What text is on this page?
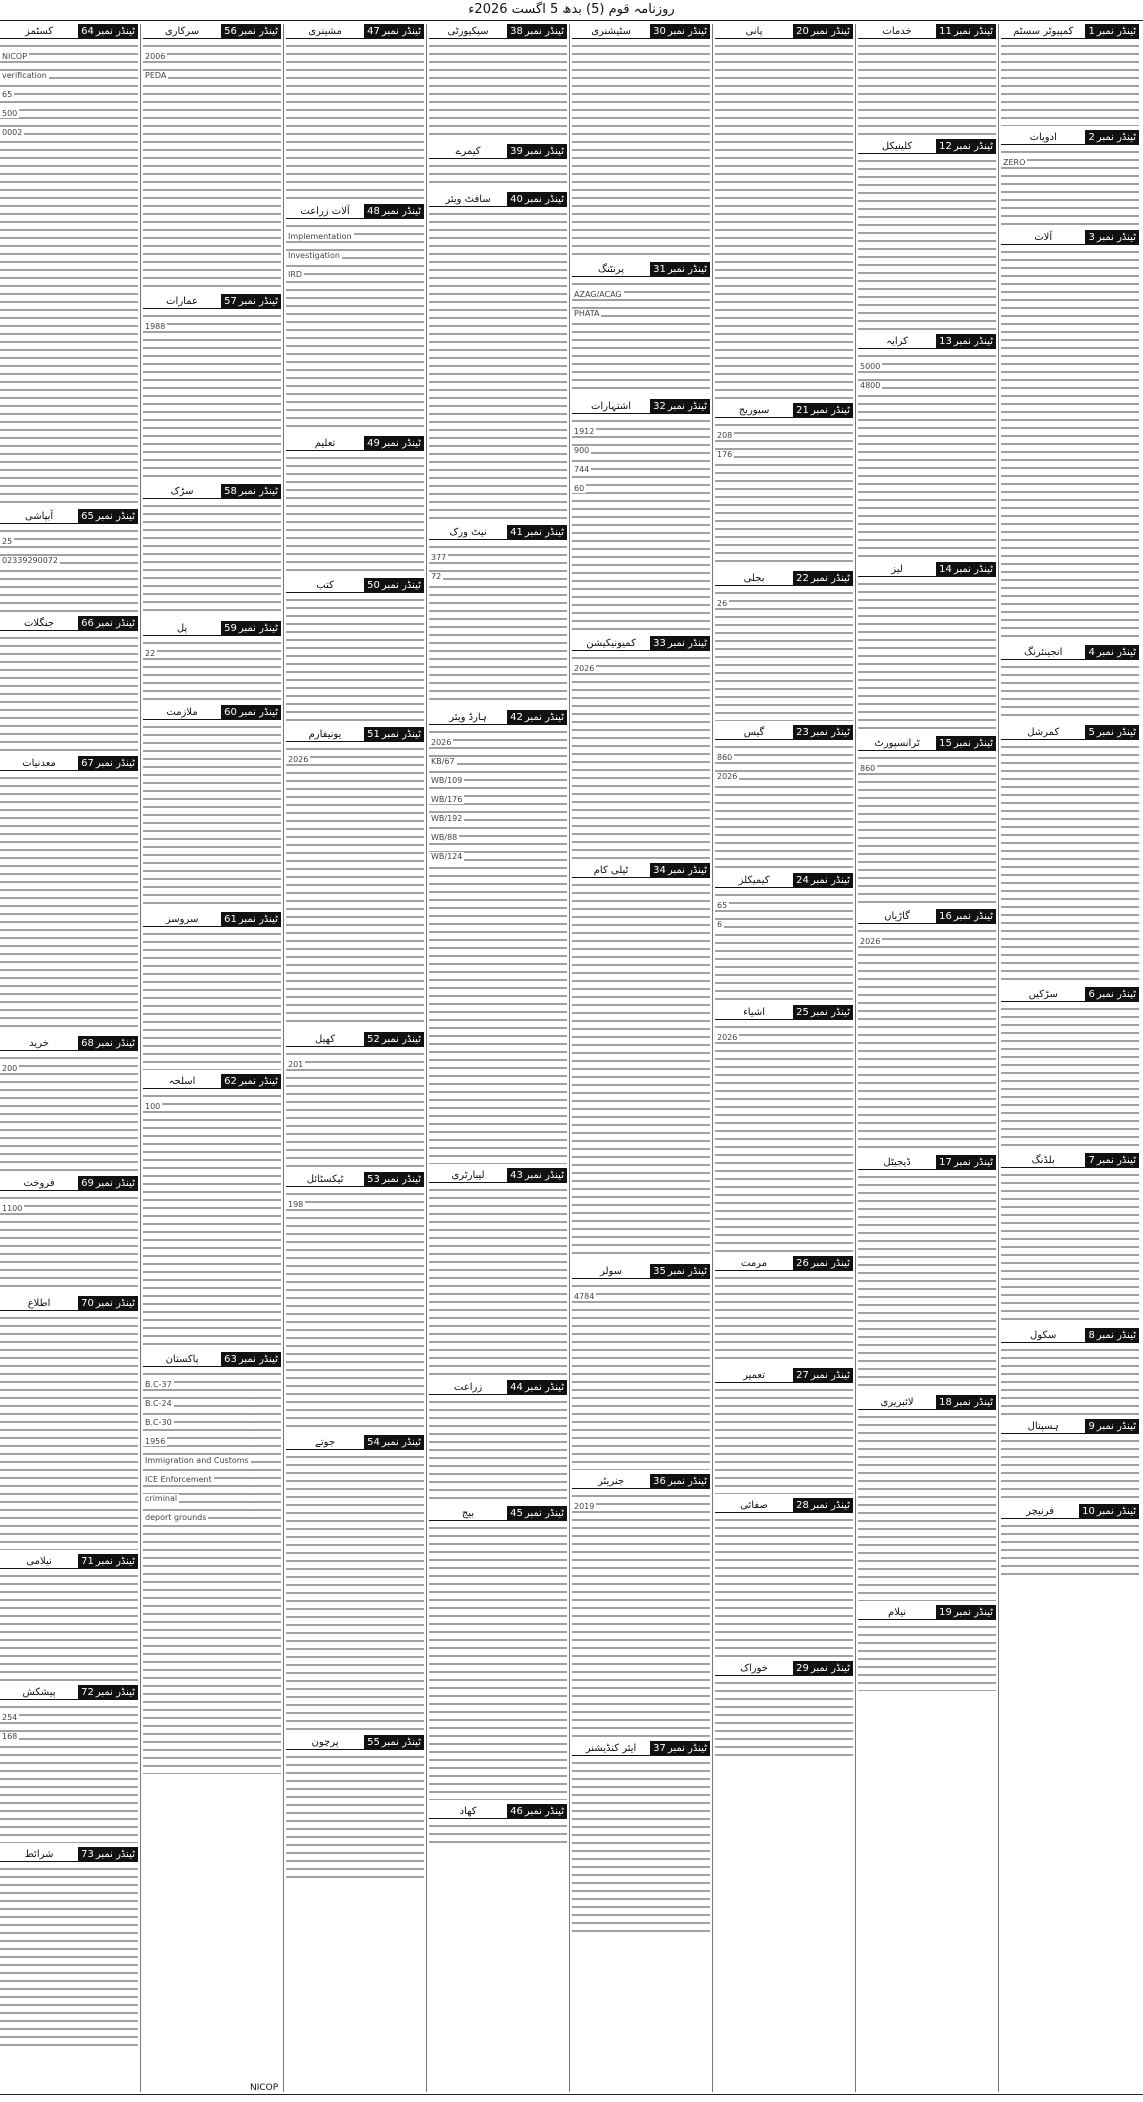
روزنامہ قوم (5) بدھ 5 اگست 2026ء
ٹینڈر نمبر
1
کمپیوٹر سسٹم
ٹینڈر نمبر
2
ادویات
ZERO
ٹینڈر نمبر
3
آلات
ٹینڈر نمبر
4
انجینئرنگ
ٹینڈر نمبر
5
کمرشل
ٹینڈر نمبر
6
سڑکیں
ٹینڈر نمبر
7
بلڈنگ
ٹینڈر نمبر
8
سکول
ٹینڈر نمبر
9
ہسپتال
ٹینڈر نمبر
10
فرنیچر
ٹینڈر نمبر
11
خدمات
ٹینڈر نمبر
12
کلینیکل
ٹینڈر نمبر
13
کرایہ
5000
4800
ٹینڈر نمبر
14
لیز
ٹینڈر نمبر
15
ٹرانسپورٹ
860
ٹینڈر نمبر
16
گاڑیاں
2026
ٹینڈر نمبر
17
ڈیجیٹل
ٹینڈر نمبر
18
لائبریری
ٹینڈر نمبر
19
نیلام
ٹینڈر نمبر
20
پانی
ٹینڈر نمبر
21
سیوریج
208
176
ٹینڈر نمبر
22
بجلی
26
ٹینڈر نمبر
23
گیس
860
2026
ٹینڈر نمبر
24
کیمیکلز
65
6
ٹینڈر نمبر
25
اشیاء
2026
ٹینڈر نمبر
26
مرمت
ٹینڈر نمبر
27
تعمیر
ٹینڈر نمبر
28
صفائی
ٹینڈر نمبر
29
خوراک
ٹینڈر نمبر
30
سٹیشنری
ٹینڈر نمبر
31
پرنٹنگ
AZAG/ACAG
PHATA
ٹینڈر نمبر
32
اشتہارات
1912
900
744
60
ٹینڈر نمبر
33
کمیونیکیشن
2026
ٹینڈر نمبر
34
ٹیلی کام
ٹینڈر نمبر
35
سولر
4784
ٹینڈر نمبر
36
جنریٹر
2019
ٹینڈر نمبر
37
ایئر کنڈیشنر
ٹینڈر نمبر
38
سیکیورٹی
ٹینڈر نمبر
39
کیمرے
ٹینڈر نمبر
40
سافٹ ویئر
ٹینڈر نمبر
41
نیٹ ورک
377
72
ٹینڈر نمبر
42
ہارڈ ویئر
2026
KB/67
WB/109
WB/176
WB/192
WB/88
WB/124
ٹینڈر نمبر
43
لیبارٹری
ٹینڈر نمبر
44
زراعت
ٹینڈر نمبر
45
بیج
ٹینڈر نمبر
46
کھاد
ٹینڈر نمبر
47
مشینری
ٹینڈر نمبر
48
آلات زراعت
Implementation
Investigation
IRD
ٹینڈر نمبر
49
تعلیم
ٹینڈر نمبر
50
کتب
ٹینڈر نمبر
51
یونیفارم
2026
ٹینڈر نمبر
52
کھیل
201
ٹینڈر نمبر
53
ٹیکسٹائل
198
ٹینڈر نمبر
54
جوتے
ٹینڈر نمبر
55
پرچون
ٹینڈر نمبر
56
سرکاری
2006
PEDA
ٹینڈر نمبر
57
عمارات
1988
ٹینڈر نمبر
58
سڑک
ٹینڈر نمبر
59
پل
22
ٹینڈر نمبر
60
ملازمت
ٹینڈر نمبر
61
سروسز
ٹینڈر نمبر
62
اسلحہ
100
ٹینڈر نمبر
63
پاکستان
B.C-37
B.C-24
B.C-30
1956
Immigration and Customs
ICE Enforcement
criminal
deport grounds
ٹینڈر نمبر
64
کسٹمز
NICOP
verification
65
500
0002
ٹینڈر نمبر
65
آبپاشی
25
02339290072
ٹینڈر نمبر
66
جنگلات
ٹینڈر نمبر
67
معدنیات
ٹینڈر نمبر
68
خرید
200
ٹینڈر نمبر
69
فروخت
1100
ٹینڈر نمبر
70
اطلاع
ٹینڈر نمبر
71
نیلامی
ٹینڈر نمبر
72
پیشکش
254
168
ٹینڈر نمبر
73
شرائط
NICOP
